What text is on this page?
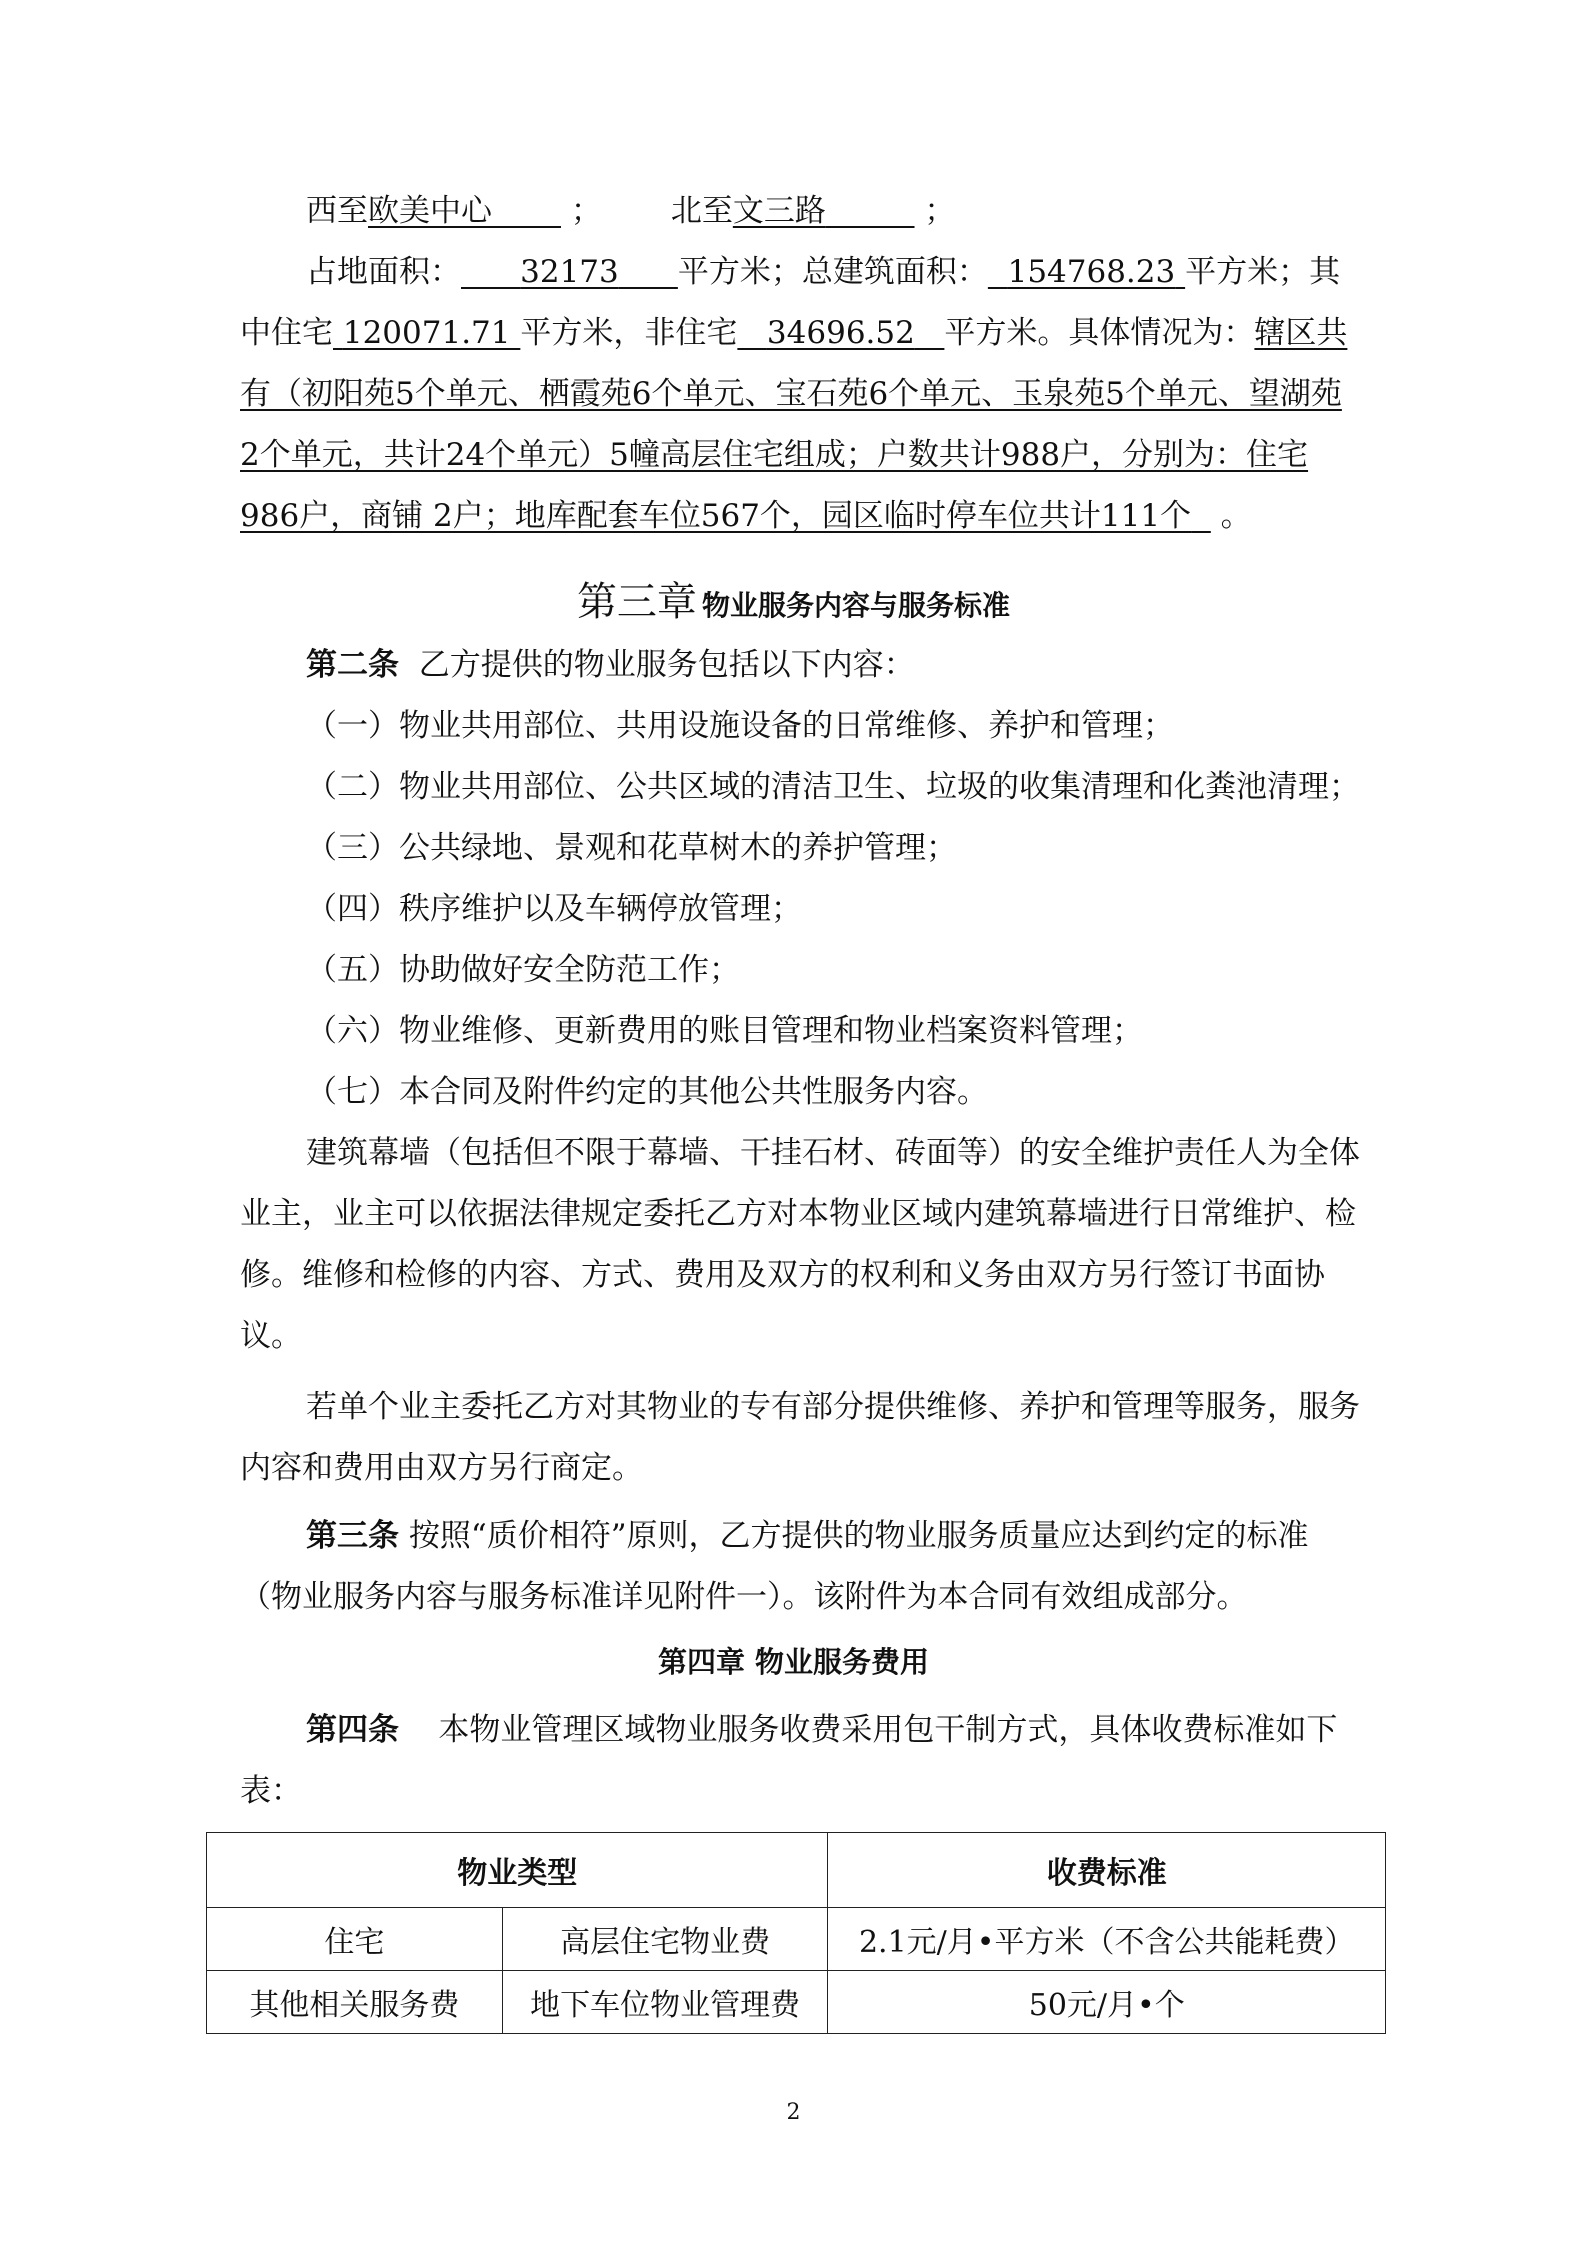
西至欧美中心	； 北至文三路	；

占地面积： 32173 平方米；总建筑面积： 154768.23 平方米；其中住宅 120071.71 平方米，非住宅 34696.52 平方米。具体情况为：辖区共有（初阳苑5个单元、栖霞苑6个单元、宝石苑6个单元、玉泉苑5个单元、望湖苑2个单元，共计24个单元）5幢高层住宅组成；户数共计988户，分别为：住宅986户，商铺 2户；地库配套车位567个，园区临时停车位共计111个 。

第三章 物业服务内容与服务标准

第二条 乙方提供的物业服务包括以下内容：

（一）物业共用部位、共用设施设备的日常维修、养护和管理；

（二）物业共用部位、公共区域的清洁卫生、垃圾的收集清理和化粪池清理；

（三）公共绿地、景观和花草树木的养护管理；

（四）秩序维护以及车辆停放管理；

（五）协助做好安全防范工作；

（六）物业维修、更新费用的账目管理和物业档案资料管理；

（七）本合同及附件约定的其他公共性服务内容。

建筑幕墙（包括但不限于幕墙、干挂石材、砖面等）的安全维护责任人为全体业主，业主可以依据法律规定委托乙方对本物业区域内建筑幕墙进行日常维护、检修。维修和检修的内容、方式、费用及双方的权利和义务由双方另行签订书面协议。

若单个业主委托乙方对其物业的专有部分提供维修、养护和管理等服务，服务内容和费用由双方另行商定。

第三条 按照“质价相符”原则，乙方提供的物业服务质量应达到约定的标准（物业服务内容与服务标准详见附件一）。该附件为本合同有效组成部分。

第四章 物业服务费用

第四条 本物业管理区域物业服务收费采用包干制方式，具体收费标准如下表：

物业类型		收费标准
住宅	高层住宅物业费	2.1元/月•平方米（不含公共能耗费）
其他相关服务费	地下车位物业管理费	50元/月•个
2
